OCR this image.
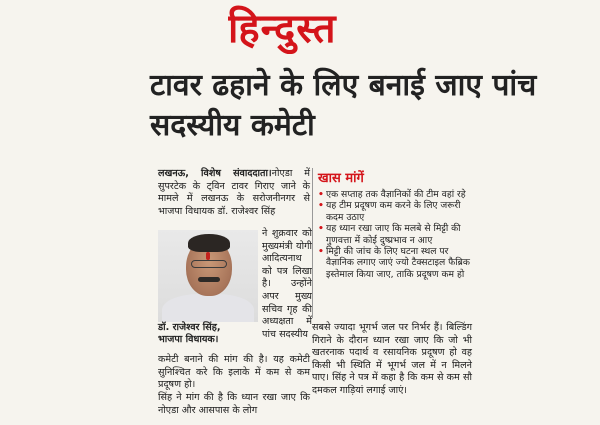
हिन्दुस्त
टावर ढहाने के लिए बनाई जाए पांच सदस्यीय कमेटी
लखनऊ, विशेष संवाददाता।नोएडा में सुपरटेक के ट्विन टावर गिराए जाने के मामले में लखनऊ के सरोजनीनगर से भाजपा विधायक डॉ. राजेश्वर सिंह
ने शुक्रवार को मुख्यमंत्री योगी आदित्यनाथ को पत्र लिखा है। उन्होंने अपर मुख्य सचिव गृह की अध्यक्षता में पांच सदस्यीय
डॉ. राजेश्वर सिंह,
भाजपा विधायक।
कमेटी बनाने की मांग की है। यह कमेटी सुनिश्चित करे कि इलाके में कम से कम प्रदूषण हो।
सिंह ने मांग की है कि ध्यान रखा जाए कि नोएडा और आसपास के लोग
खास मांगें
• एक सप्ताह तक वैज्ञानिकों की टीम वहां रहे
• यह टीम प्रदूषण कम करने के लिए जरूरी कदम उठाए
• यह ध्यान रखा जाए कि मलबे से मिट्टी की गुणवत्ता में कोई दुष्प्रभाव न आए
• मिट्टी की जांच के लिए घटना स्थल पर वैज्ञानिक लगाए जाएं ज्यो टैक्सटाइल फैब्रिक इस्तेमाल किया जाए, ताकि प्रदूषण कम हो
सबसे ज्यादा भूगर्भ जल पर निर्भर हैं। बिल्डिंग गिराने के दौरान ध्यान रखा जाए कि जो भी खतरनाक पदार्थ व रसायनिक प्रदूषण हो वह किसी भी स्थिति में भूगर्भ जल में न मिलने पाए। सिंह ने पत्र में कहा है कि कम से कम सौ दमकल गाड़ियां लगाई जाएं।
